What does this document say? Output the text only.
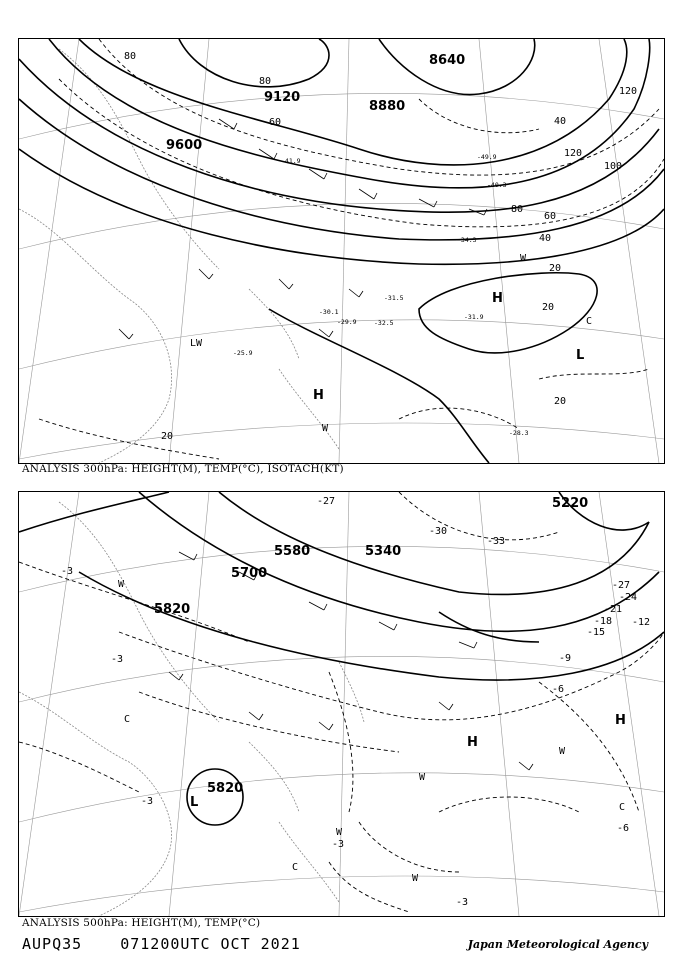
8640
8880
9120
9600
80
80
60	40
120
120
100
80
60
40
20
20
20
20
-41.9	-49.9
-40.3
-34.3
-31.5
-31.9
-32.5
-30.1
-29.9
-28.3
-25.9
H
H
L
W
W
C
LW
ANALYSIS 300hPa: HEIGHT(M), TEMP(°C), ISOTACH(KT)
5220
5340
5580
5700
5820
5820
-27
-30
-33
-27
-24
-21
-18
-15
-12
-9
-6
-3
-3
-3
-3
-6
-3
H
H
L
W
W
W
W
W
C
C
C
ANALYSIS 500hPa: HEIGHT(M), TEMP(°C)
AUPQ35	071200UTC OCT 2021	Japan Meteorological Agency
